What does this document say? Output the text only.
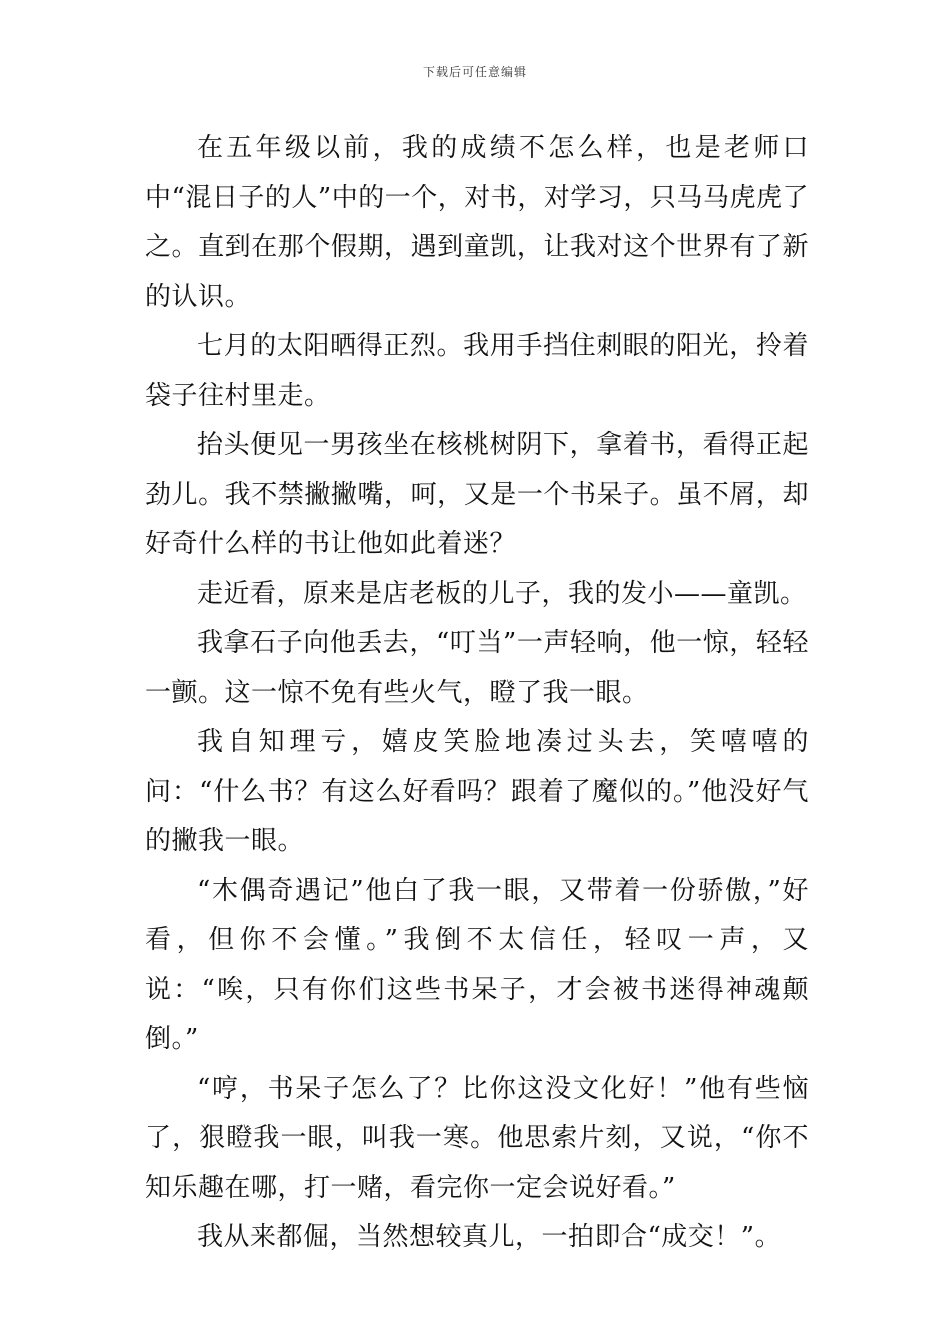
下载后可任意编辑

在五年级以前，我的成绩不怎么样，也是老师口中“混日子的人”中的一个，对书，对学习，只马马虎虎了之。直到在那个假期，遇到童凯，让我对这个世界有了新的认识。

七月的太阳晒得正烈。我用手挡住刺眼的阳光，拎着袋子往村里走。

抬头便见一男孩坐在核桃树阴下，拿着书，看得正起劲儿。我不禁撇撇嘴，呵，又是一个书呆子。虽不屑，却好奇什么样的书让他如此着迷？

走近看，原来是店老板的儿子，我的发小——童凯。

我拿石子向他丢去，“叮当”一声轻响，他一惊，轻轻一颤。这一惊不免有些火气，瞪了我一眼。

我自知理亏，嬉皮笑脸地凑过头去，笑嘻嘻的问：“什么书？有这么好看吗？跟着了魔似的。”他没好气的撇我一眼。

“木偶奇遇记”他白了我一眼，又带着一份骄傲，”好看，但你不会懂。”我倒不太信任，轻叹一声，又说：“唉，只有你们这些书呆子，才会被书迷得神魂颠倒。”

“哼，书呆子怎么了？比你这没文化好！”他有些恼了，狠瞪我一眼，叫我一寒。他思索片刻，又说，“你不知乐趣在哪，打一赌，看完你一定会说好看。”

我从来都倔，当然想较真儿，一拍即合“成交！”。
